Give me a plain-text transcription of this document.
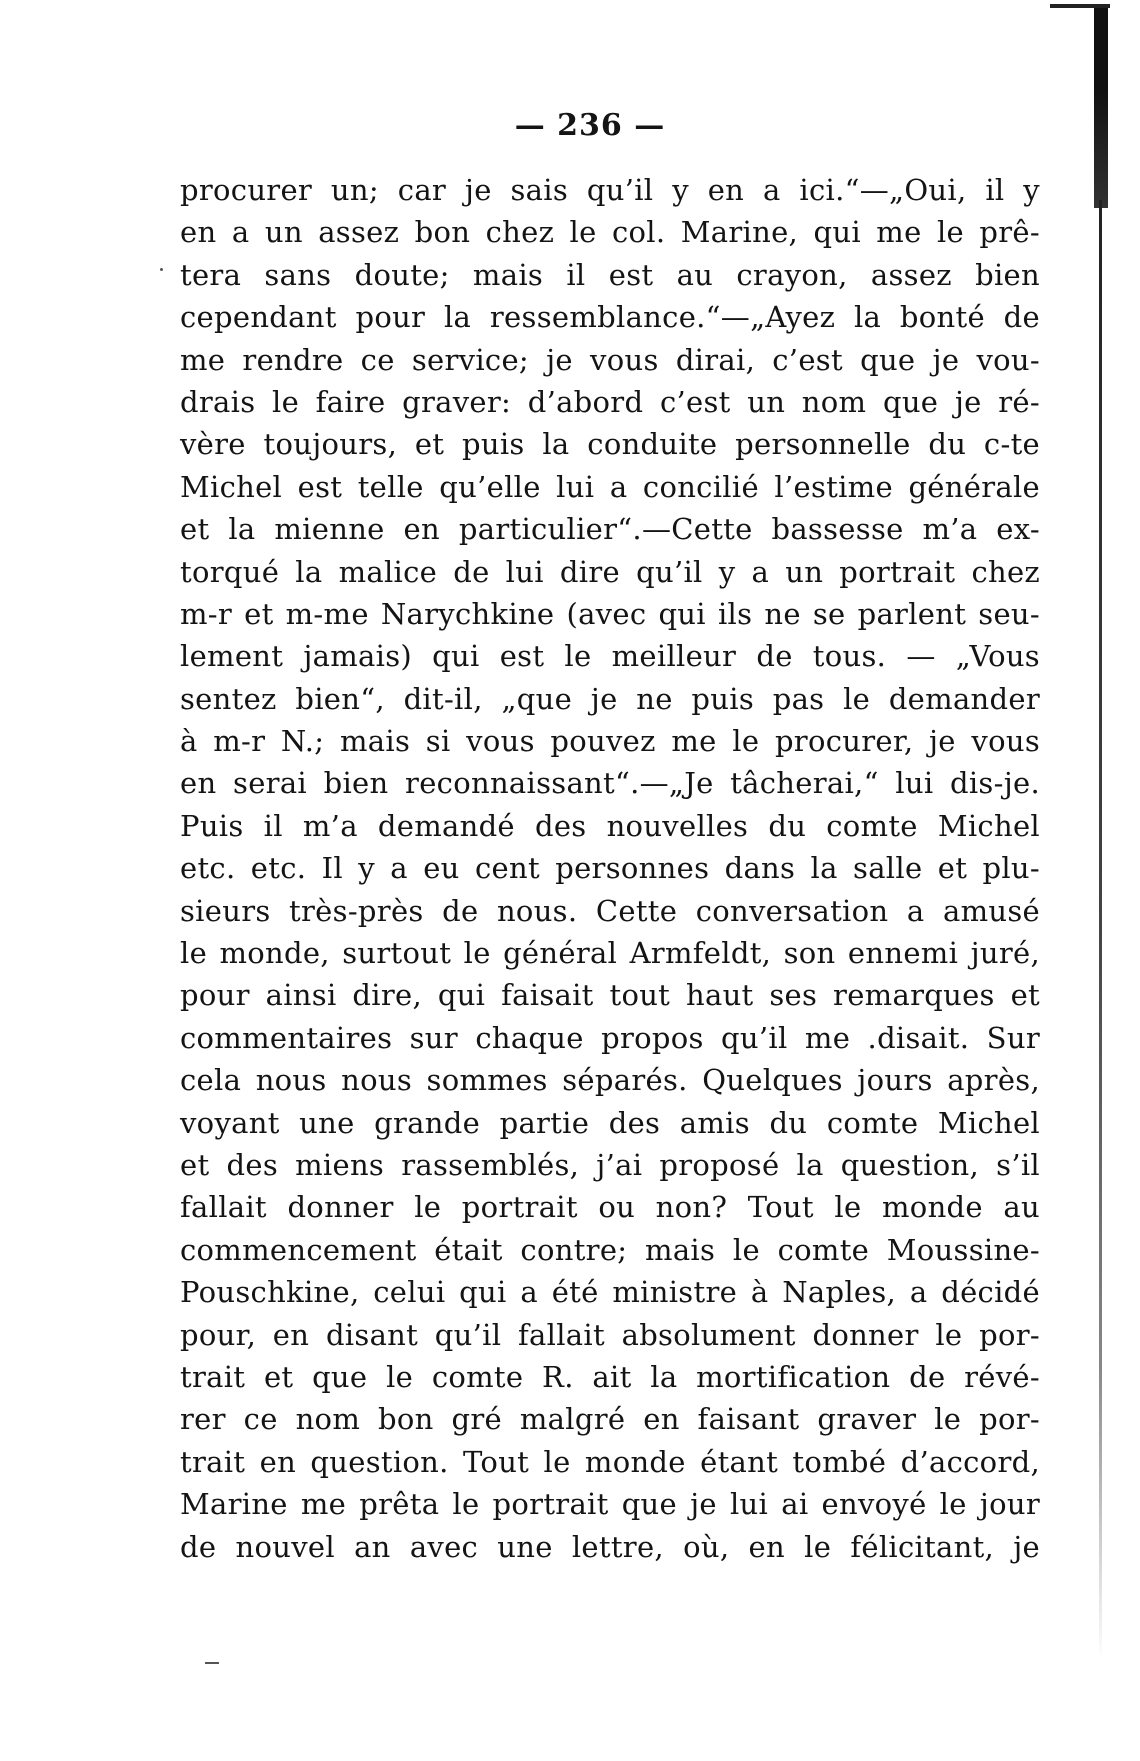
— 236 —
procurer un; car je sais qu’il y en a ici.“—„Oui, il y
en a un assez bon chez le col. Marine, qui me le prê-
tera sans doute; mais il est au crayon, assez bien
cependant pour la ressemblance.“—„Ayez la bonté de
me rendre ce service; je vous dirai, c’est que je vou-
drais le faire graver: d’abord c’est un nom que je ré-
vère toujours, et puis la conduite personnelle du c-te
Michel est telle qu’elle lui a concilié l’estime générale
et la mienne en particulier“.—Cette bassesse m’a ex-
torqué la malice de lui dire qu’il y a un portrait chez
m-r et m-me Narychkine (avec qui ils ne se parlent seu-
lement jamais) qui est le meilleur de tous. — „Vous
sentez bien“, dit-il, „que je ne puis pas le demander
à m-r N.; mais si vous pouvez me le procurer, je vous
en serai bien reconnaissant“.—„Je tâcherai,“ lui dis-je.
Puis il m’a demandé des nouvelles du comte Michel
etc. etc. Il y a eu cent personnes dans la salle et plu-
sieurs très-près de nous. Cette conversation a amusé
le monde, surtout le général Armfeldt, son ennemi juré,
pour ainsi dire, qui faisait tout haut ses remarques et
commentaires sur chaque propos qu’il me .disait. Sur
cela nous nous sommes séparés. Quelques jours après,
voyant une grande partie des amis du comte Michel
et des miens rassemblés, j’ai proposé la question, s’il
fallait donner le portrait ou non? Tout le monde au
commencement était contre; mais le comte Moussine-
Pouschkine, celui qui a été ministre à Naples, a décidé
pour, en disant qu’il fallait absolument donner le por-
trait et que le comte R. ait la mortification de révé-
rer ce nom bon gré malgré en faisant graver le por-
trait en question. Tout le monde étant tombé d’accord,
Marine me prêta le portrait que je lui ai envoyé le jour
de nouvel an avec une lettre, où, en le félicitant, je
